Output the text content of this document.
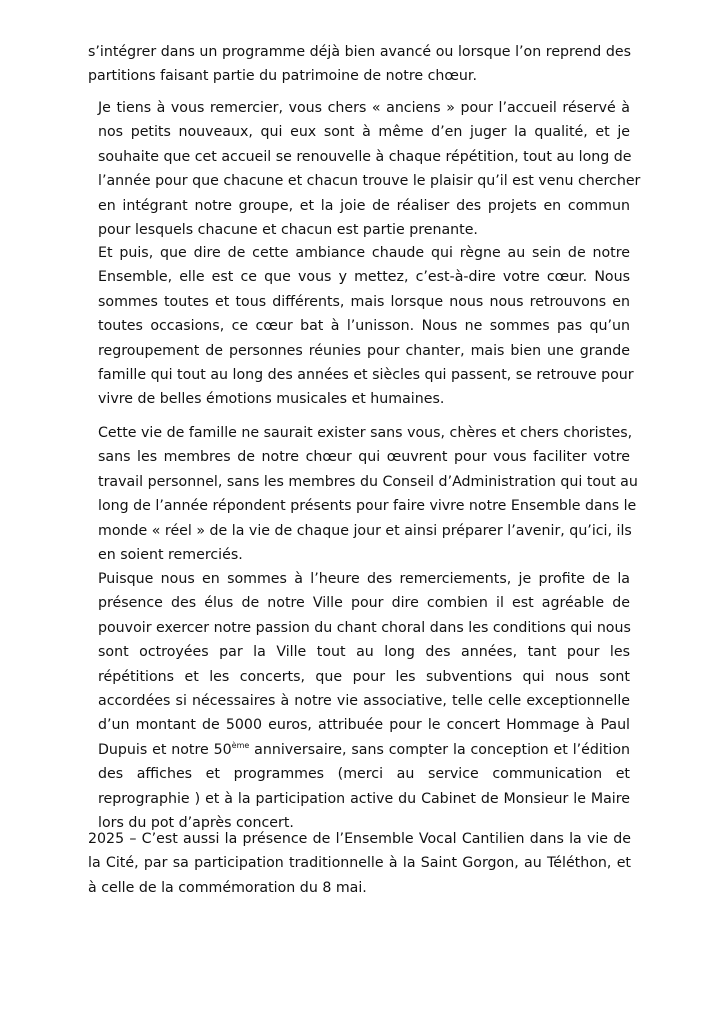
s’intégrer dans un programme déjà bien avancé ou lorsque l’on reprend des
partitions faisant partie du patrimoine de notre chœur.

Je tiens à vous remercier, vous chers « anciens » pour l’accueil réservé à
nos petits nouveaux, qui eux sont à même d’en juger la qualité, et je
souhaite que cet accueil se renouvelle à chaque répétition, tout au long de
l’année pour que chacune et chacun trouve le plaisir qu’il est venu chercher
en intégrant notre groupe, et la joie de réaliser des projets en commun
pour lesquels chacune et chacun est partie prenante.

Et puis, que dire de cette ambiance chaude qui règne au sein de notre
Ensemble, elle est ce que vous y mettez, c’est-à-dire votre cœur. Nous
sommes toutes et tous différents, mais lorsque nous nous retrouvons en
toutes occasions, ce cœur bat à l’unisson. Nous ne sommes pas qu’un
regroupement de personnes réunies pour chanter, mais bien une grande
famille qui tout au long des années et siècles qui passent, se retrouve pour
vivre de belles émotions musicales et humaines.

Cette vie de famille ne saurait exister sans vous, chères et chers choristes,
sans les membres de notre chœur qui œuvrent pour vous faciliter votre
travail personnel, sans les membres du Conseil d’Administration qui tout au
long de l’année répondent présents pour faire vivre notre Ensemble dans le
monde « réel » de la vie de chaque jour et ainsi préparer l’avenir, qu’ici, ils
en soient remerciés.

Puisque nous en sommes à l’heure des remerciements, je profite de la
présence des élus de notre Ville pour dire combien il est agréable de
pouvoir exercer notre passion du chant choral dans les conditions qui nous
sont octroyées par la Ville tout au long des années, tant pour les
répétitions et les concerts, que pour les subventions qui nous sont
accordées si nécessaires à notre vie associative, telle celle exceptionnelle
d’un montant de 5000 euros, attribuée pour le concert Hommage à Paul
Dupuis et notre 50ème anniversaire, sans compter la conception et l’édition
des affiches et programmes (merci au service communication et
reprographie ) et à la participation active du Cabinet de Monsieur le Maire
lors du pot d’après concert.

2025 – C’est aussi la présence de l’Ensemble Vocal Cantilien dans la vie de
la Cité, par sa participation traditionnelle à la Saint Gorgon, au Téléthon, et
à celle de la commémoration du 8 mai.
